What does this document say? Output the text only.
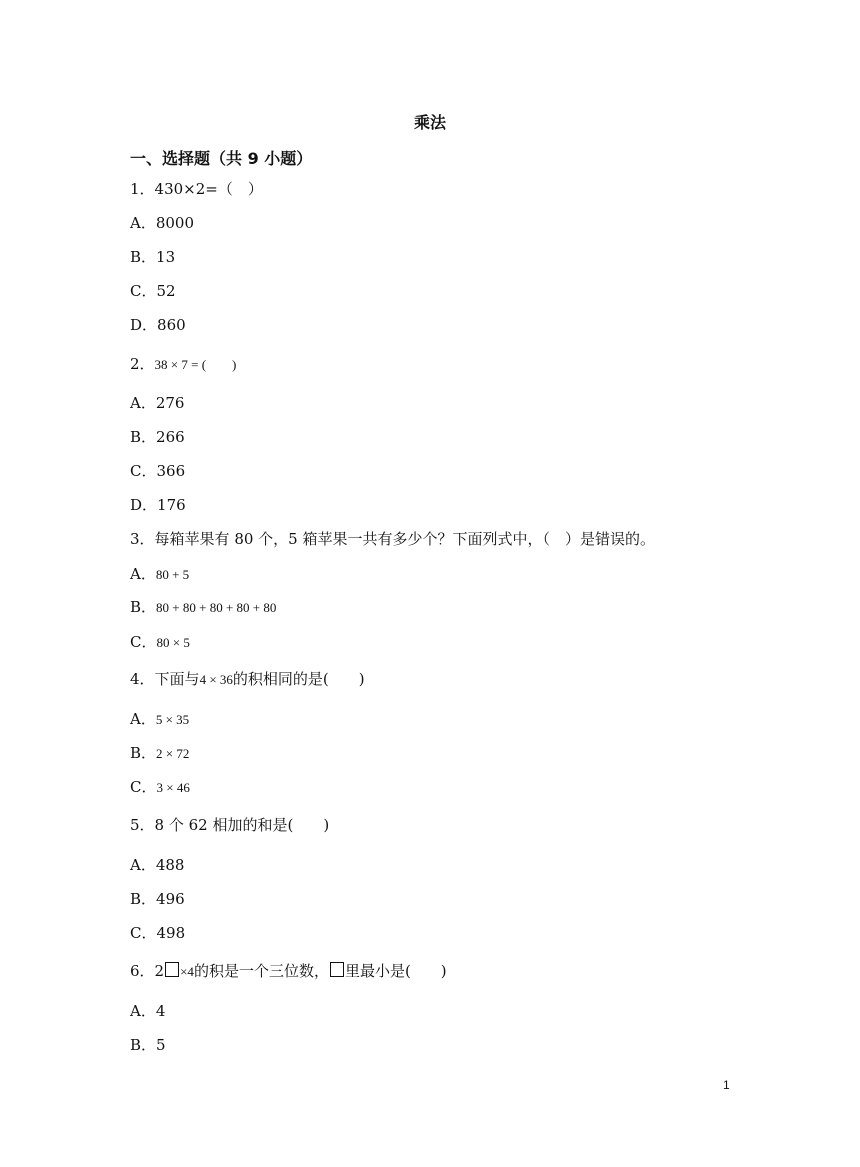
乘法
一、选择题（共 9 小题）
1．430×2=（　）
A．8000
B．13
C．52
D．860
2．38 × 7 = (　　)
A．276
B．266
C．366
D．176
3．每箱苹果有 80 个，5 箱苹果一共有多少个？下面列式中，（　）是错误的。
A．80 + 5
B．80 + 80 + 80 + 80 + 80
C．80 × 5
4．下面与4 × 36的积相同的是(　　)
A．5 × 35
B．2 × 72
C．3 × 46
5．8 个 62 相加的和是(　　)
A．488
B．496
C．498
6．2 ×4的积是一个三位数， 里最小是(　　)
A．4
B．5
1
